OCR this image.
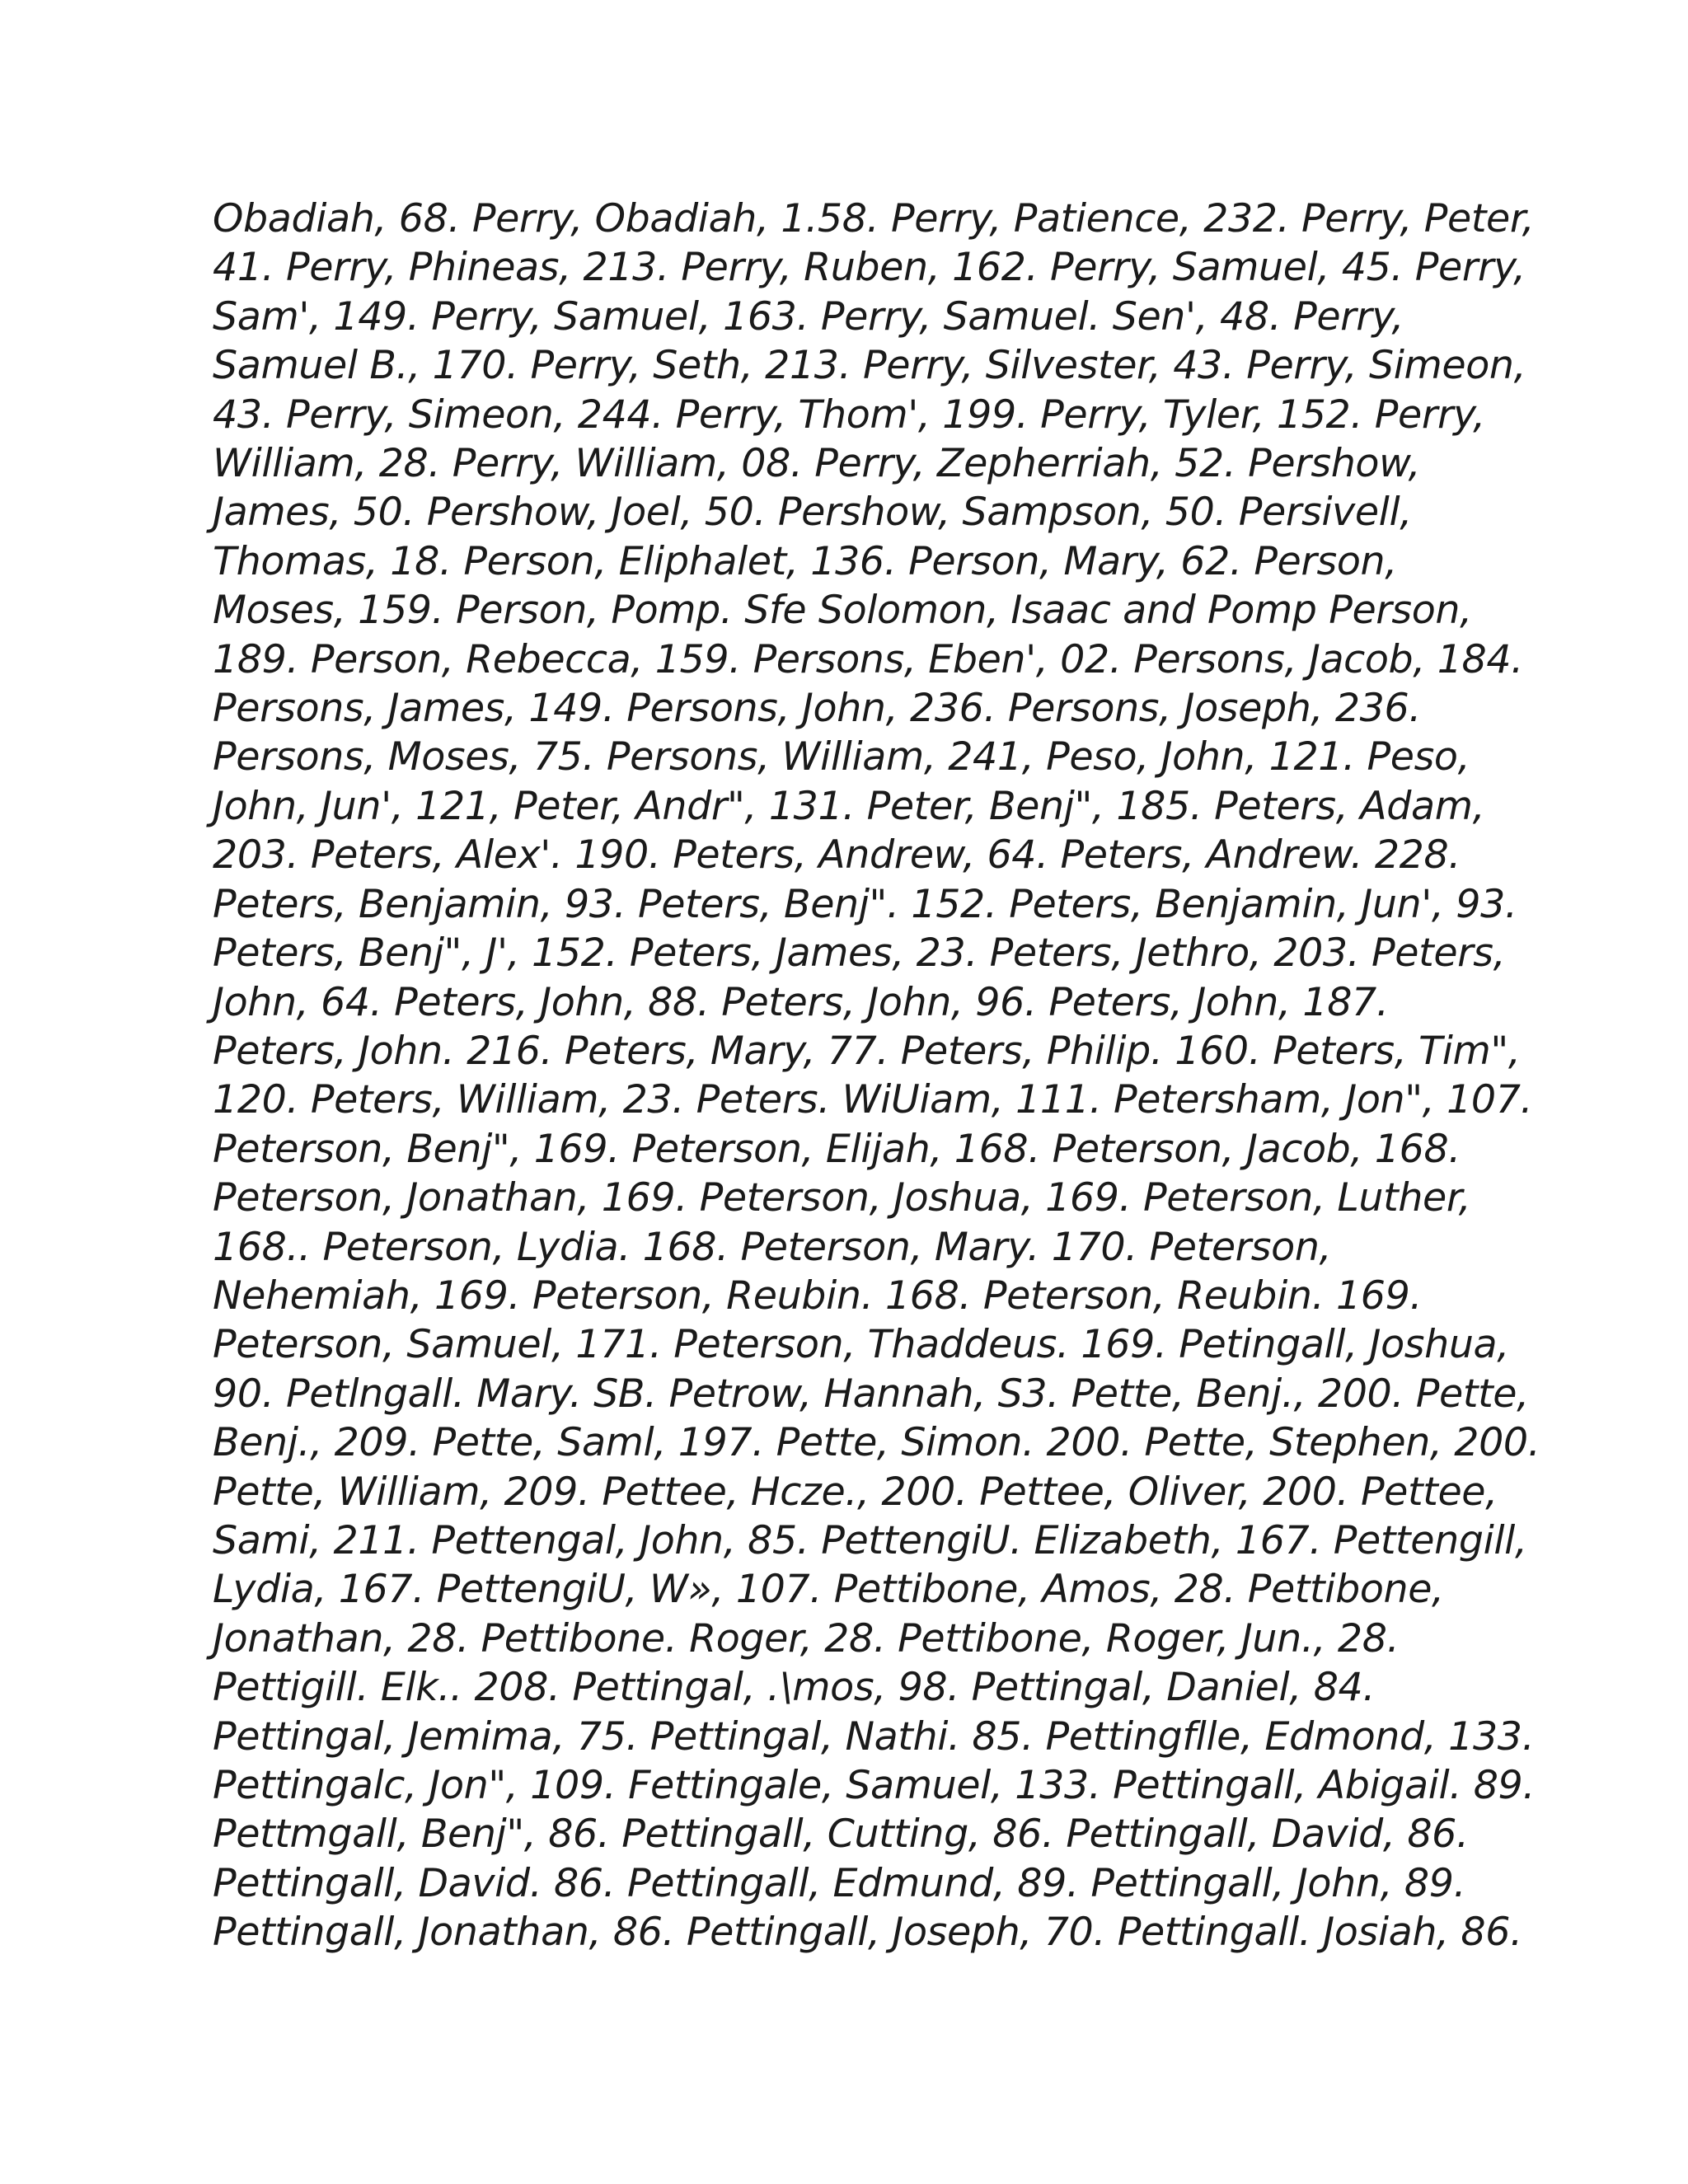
Obadiah, 68. Perry, Obadiah, 1.58. Perry, Patience, 232. Perry, Peter,
41. Perry, Phineas, 213. Perry, Ruben, 162. Perry, Samuel, 45. Perry,
Sam', 149. Perry, Samuel, 163. Perry, Samuel. Sen', 48. Perry,
Samuel B., 170. Perry, Seth, 213. Perry, Silvester, 43. Perry, Simeon,
43. Perry, Simeon, 244. Perry, Thom', 199. Perry, Tyler, 152. Perry,
William, 28. Perry, William, 08. Perry, Zepherriah, 52. Pershow,
James, 50. Pershow, Joel, 50. Pershow, Sampson, 50. Persivell,
Thomas, 18. Person, Eliphalet, 136. Person, Mary, 62. Person,
Moses, 159. Person, Pomp. Sfe Solomon, Isaac and Pomp Person,
189. Person, Rebecca, 159. Persons, Eben', 02. Persons, Jacob, 184.
Persons, James, 149. Persons, John, 236. Persons, Joseph, 236.
Persons, Moses, 75. Persons, William, 241, Peso, John, 121. Peso,
John, Jun', 121, Peter, Andr", 131. Peter, Benj", 185. Peters, Adam,
203. Peters, Alex'. 190. Peters, Andrew, 64. Peters, Andrew. 228.
Peters, Benjamin, 93. Peters, Benj". 152. Peters, Benjamin, Jun', 93.
Peters, Benj", J', 152. Peters, James, 23. Peters, Jethro, 203. Peters,
John, 64. Peters, John, 88. Peters, John, 96. Peters, John, 187.
Peters, John. 216. Peters, Mary, 77. Peters, Philip. 160. Peters, Tim",
120. Peters, William, 23. Peters. WiUiam, 111. Petersham, Jon", 107.
Peterson, Benj", 169. Peterson, Elijah, 168. Peterson, Jacob, 168.
Peterson, Jonathan, 169. Peterson, Joshua, 169. Peterson, Luther,
168.. Peterson, Lydia. 168. Peterson, Mary. 170. Peterson,
Nehemiah, 169. Peterson, Reubin. 168. Peterson, Reubin. 169.
Peterson, Samuel, 171. Peterson, Thaddeus. 169. Petingall, Joshua,
90. Petlngall. Mary. SB. Petrow, Hannah, S3. Pette, Benj., 200. Pette,
Benj., 209. Pette, Saml, 197. Pette, Simon. 200. Pette, Stephen, 200.
Pette, William, 209. Pettee, Hcze., 200. Pettee, Oliver, 200. Pettee,
Sami, 211. Pettengal, John, 85. PettengiU. Elizabeth, 167. Pettengill,
Lydia, 167. PettengiU, W», 107. Pettibone, Amos, 28. Pettibone,
Jonathan, 28. Pettibone. Roger, 28. Pettibone, Roger, Jun., 28.
Pettigill. Elk.. 208. Pettingal, .\mos, 98. Pettingal, Daniel, 84.
Pettingal, Jemima, 75. Pettingal, Nathi. 85. Pettingflle, Edmond, 133.
Pettingalc, Jon", 109. Fettingale, Samuel, 133. Pettingall, Abigail. 89.
Pettmgall, Benj", 86. Pettingall, Cutting, 86. Pettingall, David, 86.
Pettingall, David. 86. Pettingall, Edmund, 89. Pettingall, John, 89.
Pettingall, Jonathan, 86. Pettingall, Joseph, 70. Pettingall. Josiah, 86.
